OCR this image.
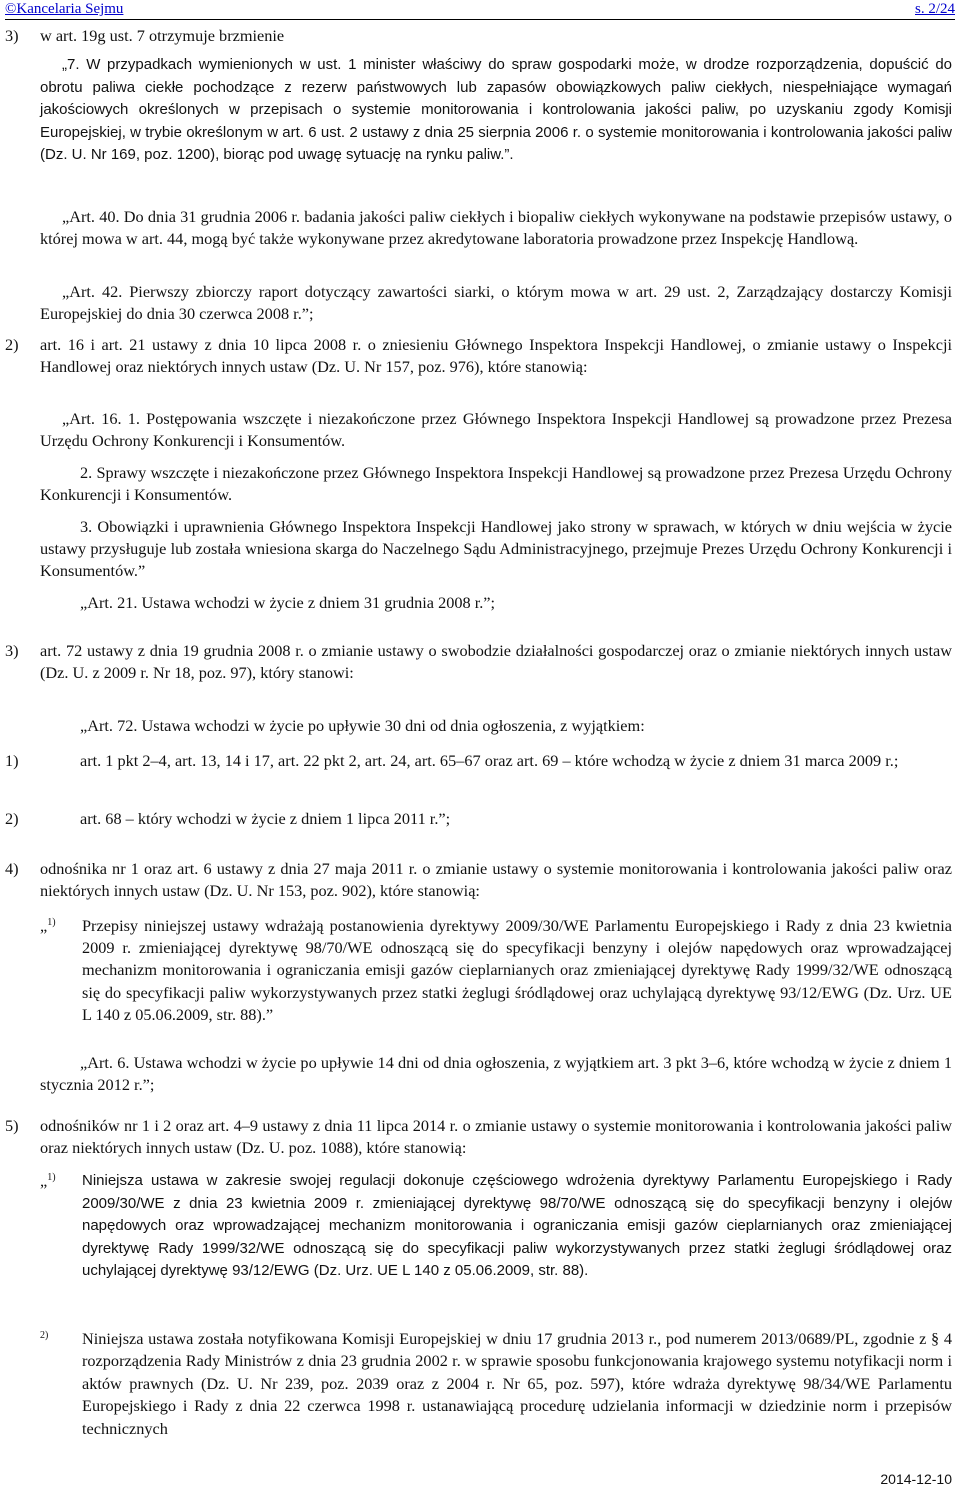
©Kancelaria Sejmu	s. 2/24
3) w art. 19g ust. 7 otrzymuje brzmienie

„7. W przypadkach wymienionych w ust. 1 minister właściwy do spraw gospodarki może, w drodze rozporządzenia, dopuścić do obrotu paliwa ciekłe pochodzące z rezerw państwowych lub zapasów obowiązkowych paliw ciekłych, niespełniające wymagań jakościowych określonych w przepisach o systemie monitorowania i kontrolowania jakości paliw, po uzyskaniu zgody Komisji Europejskiej, w trybie określonym w art. 6 ust. 2 ustawy z dnia 25 sierpnia 2006 r. o systemie monitorowania i kontrolowania jakości paliw (Dz. U. Nr 169, poz. 1200), biorąc pod uwagę sytuację na rynku paliw.”.

„Art. 40. Do dnia 31 grudnia 2006 r. badania jakości paliw ciekłych i biopaliw ciekłych wykonywane na podstawie przepisów ustawy, o której mowa w art. 44, mogą być także wykonywane przez akredytowane laboratoria prowadzone przez Inspekcję Handlową.

„Art. 42. Pierwszy zbiorczy raport dotyczący zawartości siarki, o którym mowa w art. 29 ust. 2, Zarządzający dostarczy Komisji Europejskiej do dnia 30 czerwca 2008 r.”;

2) art. 16 i art. 21 ustawy z dnia 10 lipca 2008 r. o zniesieniu Głównego Inspektora Inspekcji Handlowej, o zmianie ustawy o Inspekcji Handlowej oraz niektórych innych ustaw (Dz. U. Nr 157, poz. 976), które stanowią:

„Art. 16. 1. Postępowania wszczęte i niezakończone przez Głównego Inspektora Inspekcji Handlowej są prowadzone przez Prezesa Urzędu Ochrony Konkurencji i Konsumentów.

2. Sprawy wszczęte i niezakończone przez Głównego Inspektora Inspekcji Handlowej są prowadzone przez Prezesa Urzędu Ochrony Konkurencji i Konsumentów.

3. Obowiązki i uprawnienia Głównego Inspektora Inspekcji Handlowej jako strony w sprawach, w których w dniu wejścia w życie ustawy przysługuje lub została wniesiona skarga do Naczelnego Sądu Administracyjnego, przejmuje Prezes Urzędu Ochrony Konkurencji i Konsumentów.”

„Art. 21. Ustawa wchodzi w życie z dniem 31 grudnia 2008 r.”;

3) art. 72 ustawy z dnia 19 grudnia 2008 r. o zmianie ustawy o swobodzie działalności gospodarczej oraz o zmianie niektórych innych ustaw (Dz. U. z 2009 r. Nr 18, poz. 97), który stanowi:

„Art. 72. Ustawa wchodzi w życie po upływie 30 dni od dnia ogłoszenia, z wyjątkiem:

1)	art. 1 pkt 2–4, art. 13, 14 i 17, art. 22 pkt 2, art. 24, art. 65–67 oraz art. 69 – które wchodzą w życie z dniem 31 marca 2009 r.;

2)	art. 68 – który wchodzi w życie z dniem 1 lipca 2011 r.”;

4) odnośnika nr 1 oraz art. 6 ustawy z dnia 27 maja 2011 r. o zmianie ustawy o systemie monitorowania i kontrolowania jakości paliw oraz niektórych innych ustaw (Dz. U. Nr 153, poz. 902), które stanowią:

„$^{1)}$ Przepisy niniejszej ustawy wdrażają postanowienia dyrektywy 2009/30/WE Parlamentu Europejskiego i Rady z dnia 23 kwietnia 2009 r. zmieniającej dyrektywę 98/70/WE odnoszącą się do specyfikacji benzyny i olejów napędowych oraz wprowadzającej mechanizm monitorowania i ograniczania emisji gazów cieplarnianych oraz zmieniającej dyrektywę Rady 1999/32/WE odnoszącą się do specyfikacji paliw wykorzystywanych przez statki żeglugi śródlądowej oraz uchylającą dyrektywę 93/12/EWG (Dz. Urz. UE L 140 z 05.06.2009, str. 88).”

„Art. 6. Ustawa wchodzi w życie po upływie 14 dni od dnia ogłoszenia, z wyjątkiem art. 3 pkt 3–6, które wchodzą w życie z dniem 1 stycznia 2012 r.”;

5) odnośników nr 1 i 2 oraz art. 4–9 ustawy z dnia 11 lipca 2014 r. o zmianie ustawy o systemie monitorowania i kontrolowania jakości paliw oraz niektórych innych ustaw (Dz. U. poz. 1088), które stanowią:

„$^{1)}$ Niniejsza ustawa w zakresie swojej regulacji dokonuje częściowego wdrożenia dyrektywy Parlamentu Europejskiego i Rady 2009/30/WE z dnia 23 kwietnia 2009 r. zmieniającej dyrektywę 98/70/WE odnoszącą się do specyfikacji benzyny i olejów napędowych oraz wprowadzającej mechanizm monitorowania i ograniczania emisji gazów cieplarnianych oraz zmieniającej dyrektywę Rady 1999/32/WE odnoszącą się do specyfikacji paliw wykorzystywanych przez statki żeglugi śródlądowej oraz uchylającej dyrektywę 93/12/EWG (Dz. Urz. UE L 140 z 05.06.2009, str. 88).

$^{2)}$ Niniejsza ustawa została notyfikowana Komisji Europejskiej w dniu 17 grudnia 2013 r., pod numerem 2013/0689/PL, zgodnie z § 4 rozporządzenia Rady Ministrów z dnia 23 grudnia 2002 r. w sprawie sposobu funkcjonowania krajowego systemu notyfikacji norm i aktów prawnych (Dz. U. Nr 239, poz. 2039 oraz z 2004 r. Nr 65, poz. 597), które wdraża dyrektywę 98/34/WE Parlamentu Europejskiego i Rady z dnia 22 czerwca 1998 r. ustanawiającą procedurę udzielania informacji w dziedzinie norm i przepisów technicznych

2014-12-10
